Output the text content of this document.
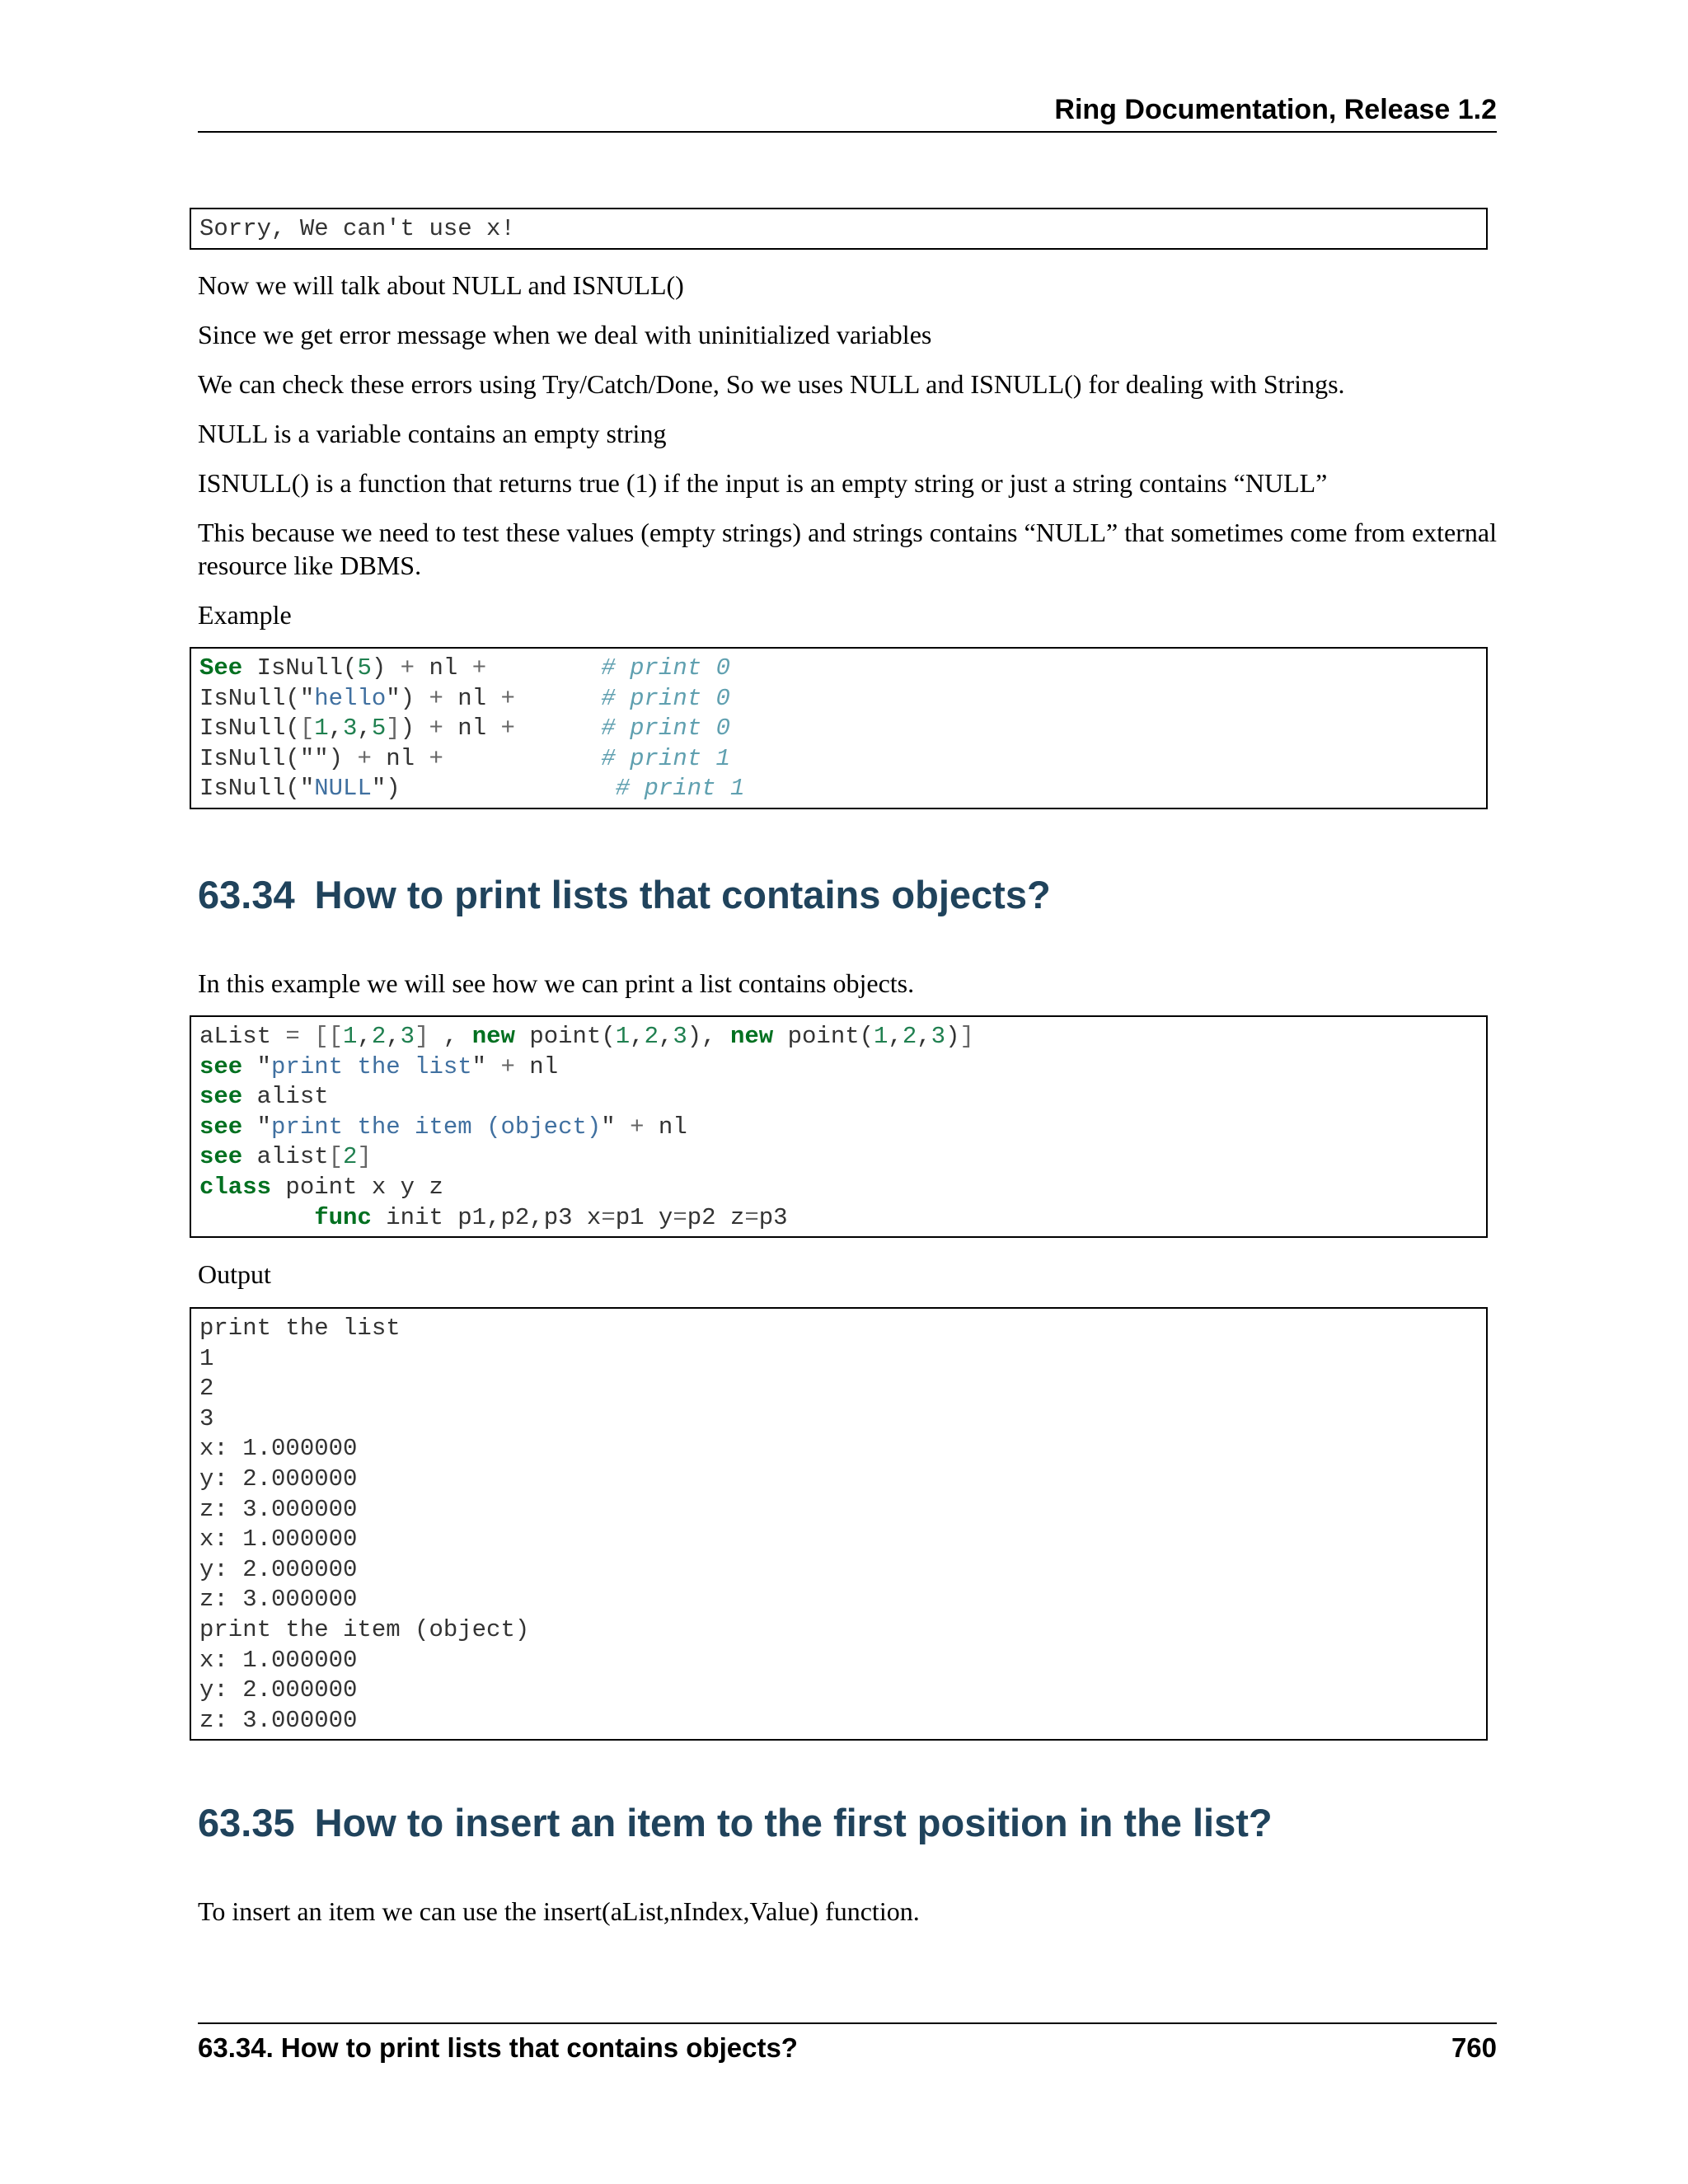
Ring Documentation, Release 1.2
Sorry, We can't use x!
Now we will talk about NULL and ISNULL()
Since we get error message when we deal with uninitialized variables
We can check these errors using Try/Catch/Done, So we uses NULL and ISNULL() for dealing with Strings.
NULL is a variable contains an empty string
ISNULL() is a function that returns true (1) if the input is an empty string or just a string contains “NULL”
This because we need to test these values (empty strings) and strings contains “NULL” that sometimes come from external resource like DBMS.
Example
See IsNull(5) + nl +	# print 0
IsNull("hello") + nl +	# print 0
IsNull([1,3,5]) + nl +	# print 0
IsNull("") + nl +	# print 1
IsNull("NULL")	# print 1
63.34 How to print lists that contains objects?
In this example we will see how we can print a list contains objects.
aList = [[1,2,3] , new point(1,2,3), new point(1,2,3)]
see "print the list" + nl
see alist
see "print the item (object)" + nl
see alist[2]
class point x y z
func init p1,p2,p3 x=p1 y=p2 z=p3
Output
print the list
1
2
3
x: 1.000000
y: 2.000000
z: 3.000000
x: 1.000000
y: 2.000000
z: 3.000000
print the item (object)
x: 1.000000
y: 2.000000
z: 3.000000
63.35 How to insert an item to the first position in the list?
To insert an item we can use the insert(aList,nIndex,Value) function.
63.34. How to print lists that contains objects?	760
